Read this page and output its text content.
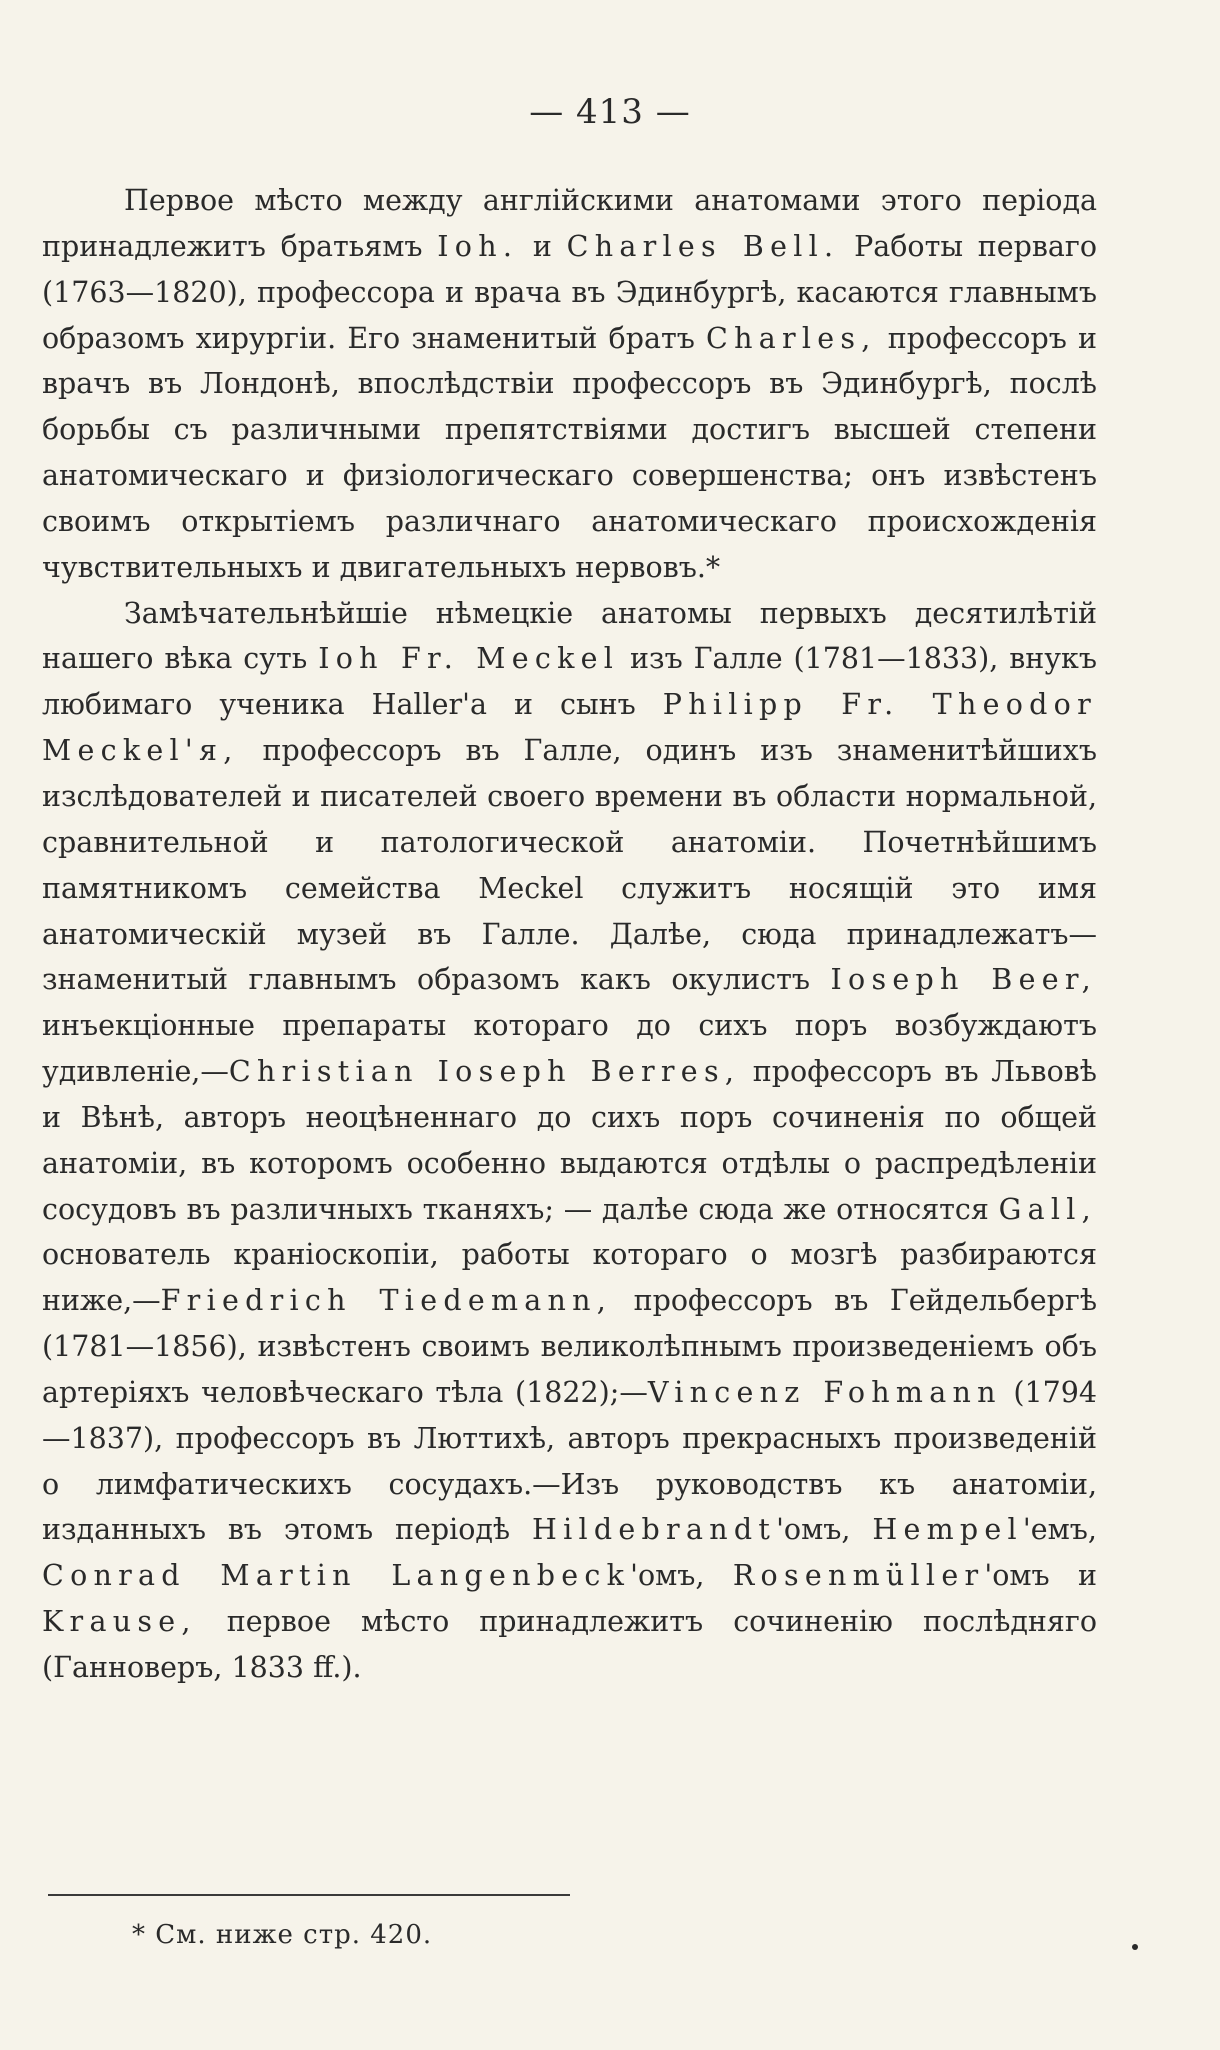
— 413 —

Первое мѣсто между англійскими анатомами этого періода принадлежитъ братьямъ Ioh. и Charles Bell. Работы перваго (1763—1820), профессора и врача въ Эдинбургѣ, касаются главнымъ образомъ хирургіи. Его знаменитый братъ Charles, профессоръ и врачъ въ Лондонѣ, впослѣдствіи профессоръ въ Эдинбургѣ, послѣ борьбы съ различными препятствіями достигъ высшей степени анатомическаго и физіологическаго совершенства; онъ извѣстенъ своимъ открытіемъ различнаго анатомическаго происхожденія чувствительныхъ и двигательныхъ нервовъ.*

Замѣчательнѣйшіе нѣмецкіе анатомы первыхъ десятилѣтій нашего вѣка суть Ioh Fr. Meckel изъ Галле (1781—1833), внукъ любимаго ученика Haller'а и сынъ Philipp Fr. Theodor Meckel'я, профессоръ въ Галле, одинъ изъ знаменитѣйшихъ изслѣдователей и писателей своего времени въ области нормальной, сравнительной и патологической анатоміи. Почетнѣйшимъ памятникомъ семейства Meckel служитъ носящій это имя анатомическій музей въ Галле. Далѣе, сюда принадлежатъ—знаменитый главнымъ образомъ какъ окулистъ Ioseph Beer, инъекціонные препараты котораго до сихъ поръ возбуждаютъ удивленіе,—Christian Ioseph Berres, профессоръ въ Львовѣ и Вѣнѣ, авторъ неоцѣненнаго до сихъ поръ сочиненія по общей анатоміи, въ которомъ особенно выдаются отдѣлы о распредѣленіи сосудовъ въ различныхъ тканяхъ; — далѣе сюда же относятся Gall, основатель краніоскопіи, работы котораго о мозгѣ разбираются ниже,—Friedrich Tiedemann, профессоръ въ Гейдельбергѣ (1781—1856), извѣстенъ своимъ великолѣпнымъ произведеніемъ объ артеріяхъ человѣческаго тѣла (1822);—Vincenz Fohmann (1794—1837), профессоръ въ Люттихѣ, авторъ прекрасныхъ произведеній о лимфатическихъ сосудахъ.—Изъ руководствъ къ анатоміи, изданныхъ въ этомъ періодѣ Hildebrandt'омъ, Hempel'емъ, Conrad Martin Langenbeck'омъ, Rosenmüller'омъ и Krause, первое мѣсто принадлежитъ сочиненію послѣдняго (Ганноверъ, 1833 ff.).

* См. ниже стр. 420.
